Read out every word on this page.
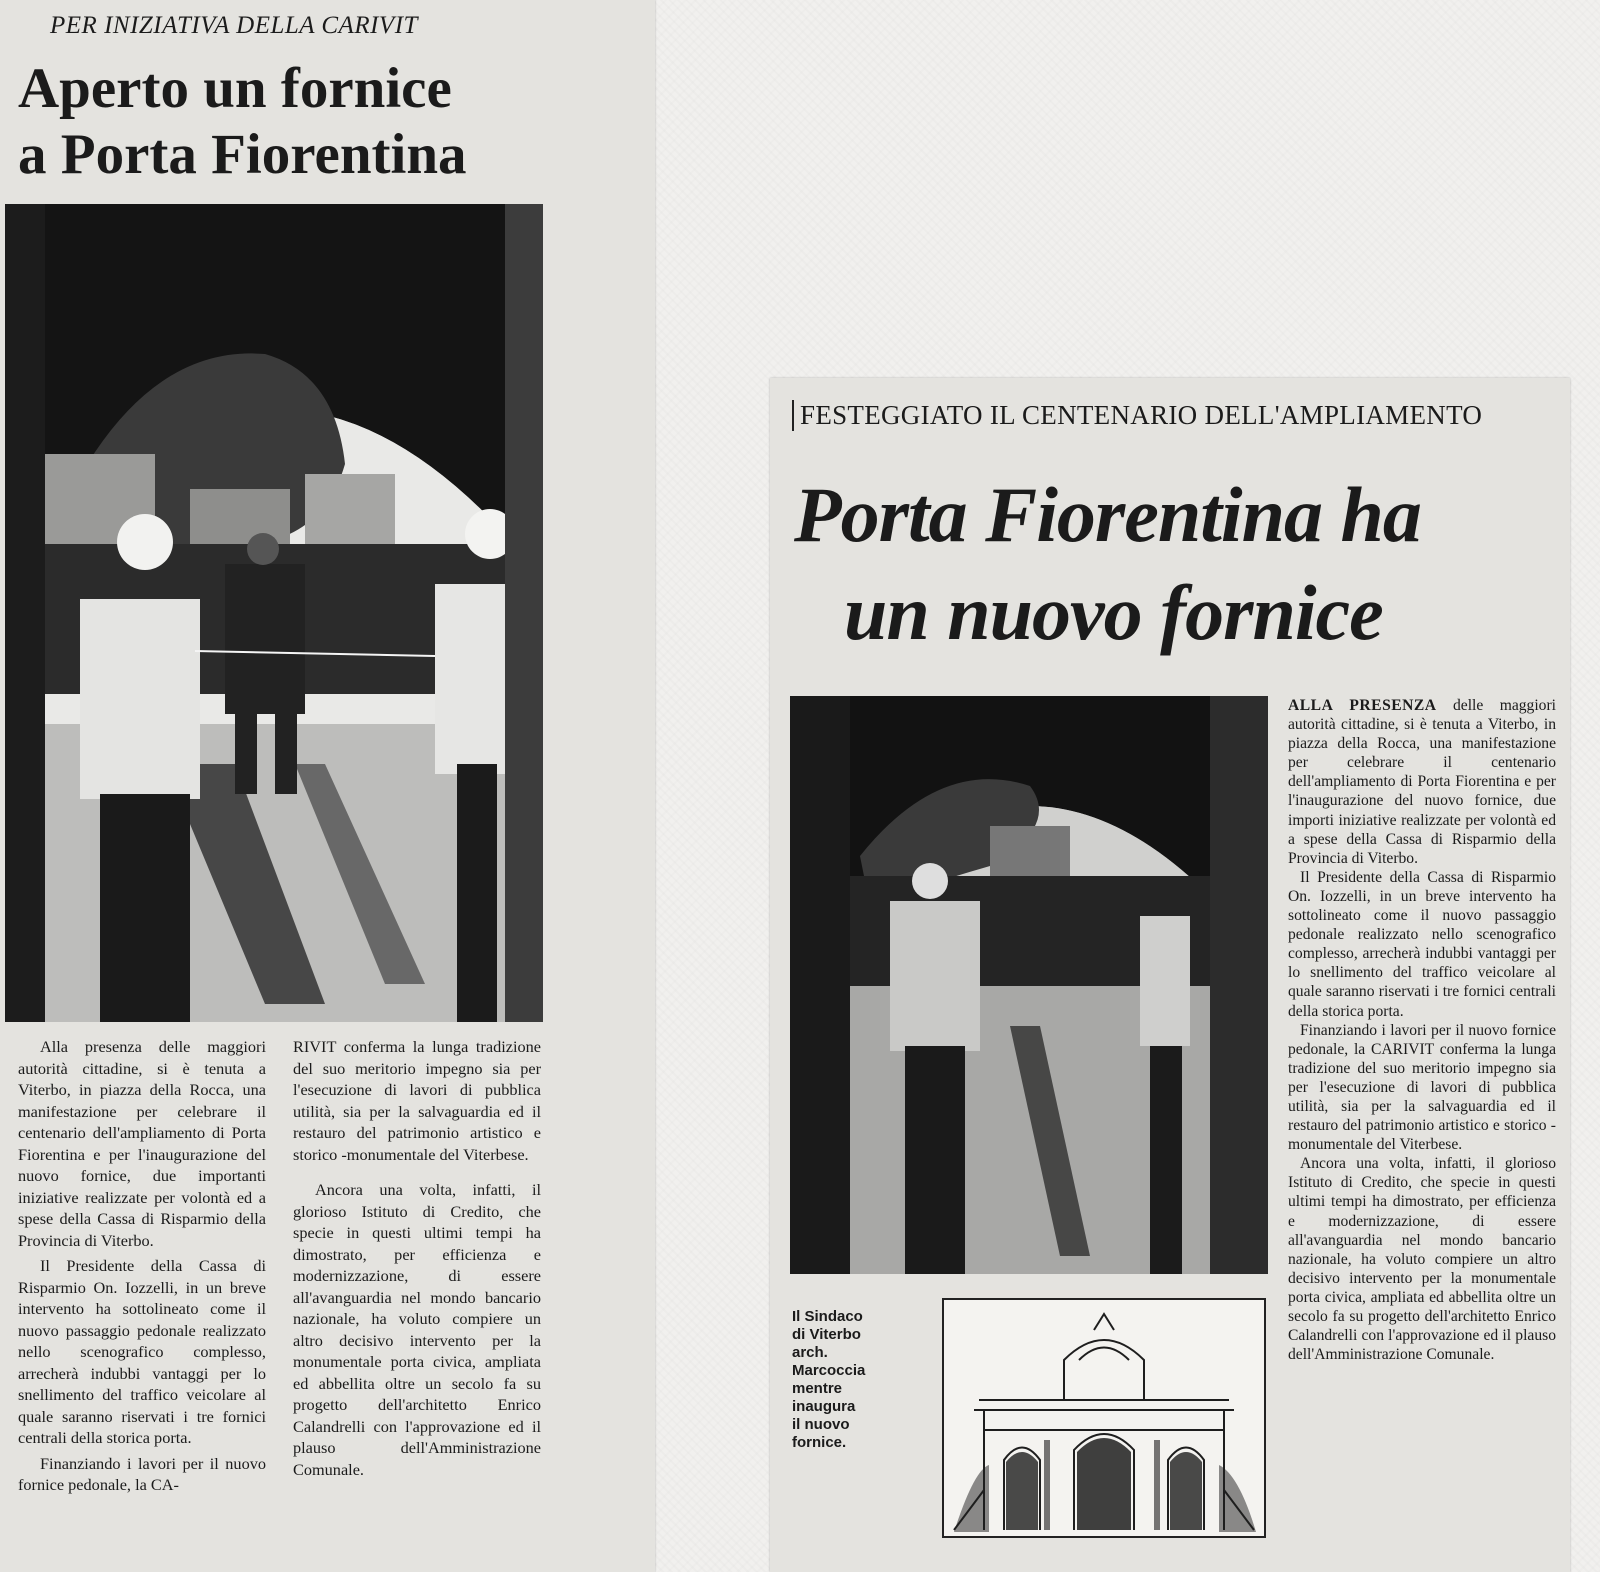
PER INIZIATIVA DELLA CARIVIT
Aperto un fornice
a Porta Fiorentina

Alla presenza delle maggiori autorità cittadine, si è tenuta a Viterbo, in piazza della Rocca, una manifestazione per celebrare il centenario dell'ampliamento di Porta Fiorentina e per l'inaugurazione del nuovo fornice, due importanti iniziative realizzate per volontà ed a spese della Cassa di Risparmio della Provincia di Viterbo.

Il Presidente della Cassa di Risparmio On. Iozzelli, in un breve intervento ha sottolineato come il nuovo passaggio pedonale realizzato nello scenografico complesso, arrecherà indubbi vantaggi per lo snellimento del traffico veicolare al quale saranno riservati i tre fornici centrali della storica porta.

Finanziando i lavori per il nuovo fornice pedonale, la CA-

RIVIT conferma la lunga tradizione del suo meritorio impegno sia per l'esecuzione di lavori di pubblica utilità, sia per la salvaguardia ed il restauro del patrimonio artistico e storico -monumentale del Viterbese.

Ancora una volta, infatti, il glorioso Istituto di Credito, che specie in questi ultimi tempi ha dimostrato, per efficienza e modernizzazione, di essere all'avanguardia nel mondo bancario nazionale, ha voluto compiere un altro decisivo intervento per la monumentale porta civica, ampliata ed abbellita oltre un secolo fa su progetto dell'architetto Enrico Calandrelli con l'approvazione ed il plauso dell'Amministrazione Comunale.

FESTEGGIATO IL CENTENARIO DELL'AMPLIAMENTO
Porta Fiorentina ha
un nuovo fornice

ALLA PRESENZA delle maggiori autorità cittadine, si è tenuta a Viterbo, in piazza della Rocca, una manifestazione per celebrare il centenario dell'ampliamento di Porta Fiorentina e per l'inaugurazione del nuovo fornice, due importi iniziative realizzate per volontà ed a spese della Cassa di Risparmio della Provincia di Viterbo.

Il Presidente della Cassa di Risparmio On. Iozzelli, in un breve intervento ha sottolineato come il nuovo passaggio pedonale realizzato nello scenografico complesso, arrecherà indubbi vantaggi per lo snellimento del traffico veicolare al quale saranno riservati i tre fornici centrali della storica porta.

Finanziando i lavori per il nuovo fornice pedonale, la CARIVIT conferma la lunga tradizione del suo meritorio impegno sia per l'esecuzione di lavori di pubblica utilità, sia per la salvaguardia ed il restauro del patrimonio artistico e storico - monumentale del Viterbese.

Ancora una volta, infatti, il glorioso Istituto di Credito, che specie in questi ultimi tempi ha dimostrato, per efficienza e modernizzazione, di essere all'avanguardia nel mondo bancario nazionale, ha voluto compiere un altro decisivo intervento per la monumentale porta civica, ampliata ed abbellita oltre un secolo fa su progetto dell'architetto Enrico Calandrelli con l'approvazione ed il plauso dell'Amministrazione Comunale.

Il Sindaco
di Viterbo
arch.
Marcoccia
mentre
inaugura
il nuovo
fornice.
